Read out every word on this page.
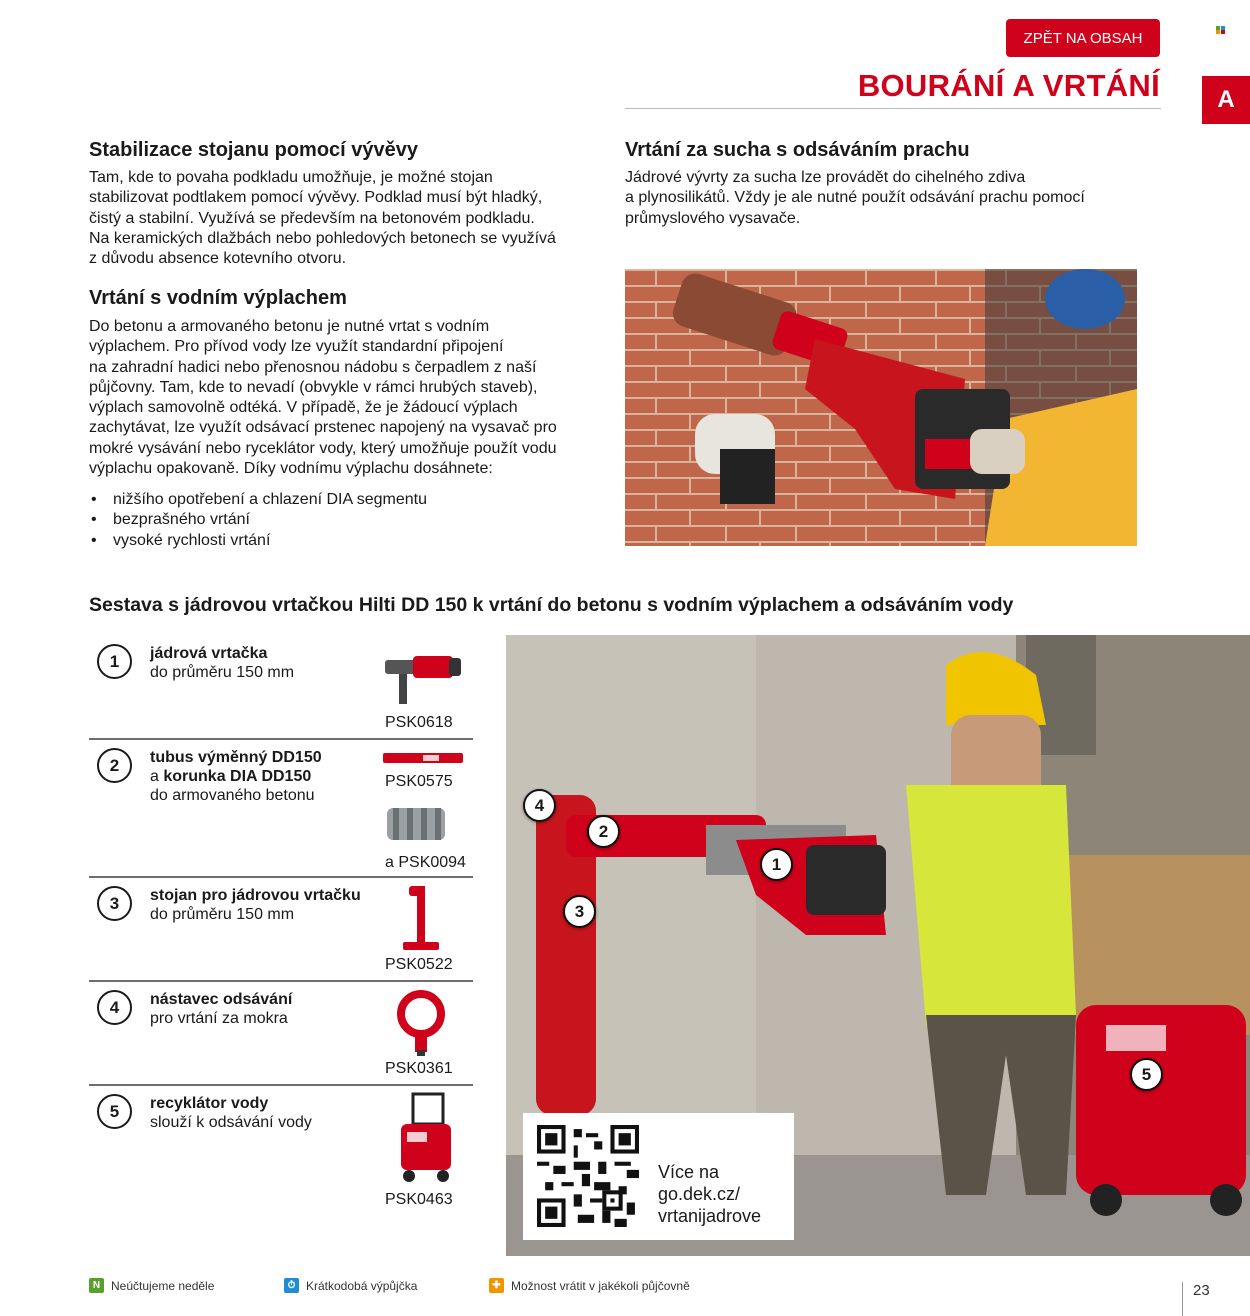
ZPĚT NA OBSAH
BOURÁNÍ A VRTÁNÍ	A
Stabilizace stojanu pomocí vývěvy

Tam, kde to povaha podkladu umožňuje, je možné stojan
stabilizovat podtlakem pomocí vývěvy. Podklad musí být hladký,
čistý a stabilní. Využívá se především na betonovém podkladu.
Na keramických dlažbách nebo pohledových betonech se využívá
z důvodu absence kotevního otvoru.

Vrtání s vodním výplachem

Do betonu a armovaného betonu je nutné vrtat s vodním
výplachem. Pro přívod vody lze využít standardní připojení
na zahradní hadici nebo přenosnou nádobu s čerpadlem z naší
půjčovny. Tam, kde to nevadí (obvykle v rámci hrubých staveb),
výplach samovolně odtéká. V případě, že je žádoucí výplach
zachytávat, lze využít odsávací prstenec napojený na vysavač pro
mokré vysávání nebo ryceklátor vody, který umožňuje použít vodu
výplachu opakovaně. Díky vodnímu výplachu dosáhnete:

• nižšího opotřebení a chlazení DIA segmentu
• bezprašného vrtání
• vysoké rychlosti vrtání
Vrtání za sucha s odsáváním prachu

Jádrové vývrty za sucha lze provádět do cihelného zdiva
a plynosilikátů. Vždy je ale nutné použít odsávání prachu pomocí
průmyslového vysavače.

Sestava s jádrovou vrtačkou Hilti DD 150 k vrtání do betonu s vodním výplachem a odsáváním vody
1	jádrová vrtačka
do průměru 150 mm
PSK0618
2	tubus výměnný DD150
a korunka DIA DD150
do armovaného betonu
PSK0575
a PSK0094
3	stojan pro jádrovou vrtačku
do průměru 150 mm
PSK0522
4	nástavec odsávání
pro vrtání za mokra
PSK0361
5	recyklátor vody
slouží k odsávání vody
PSK0463
4
2
1
3
5
Více na
go.dek.cz/
vrtanijadrove
N Neúčtujeme neděle	⏱ Krátkodobá výpůjčka	✚ Možnost vrátit v jakékoli půjčovně	23
